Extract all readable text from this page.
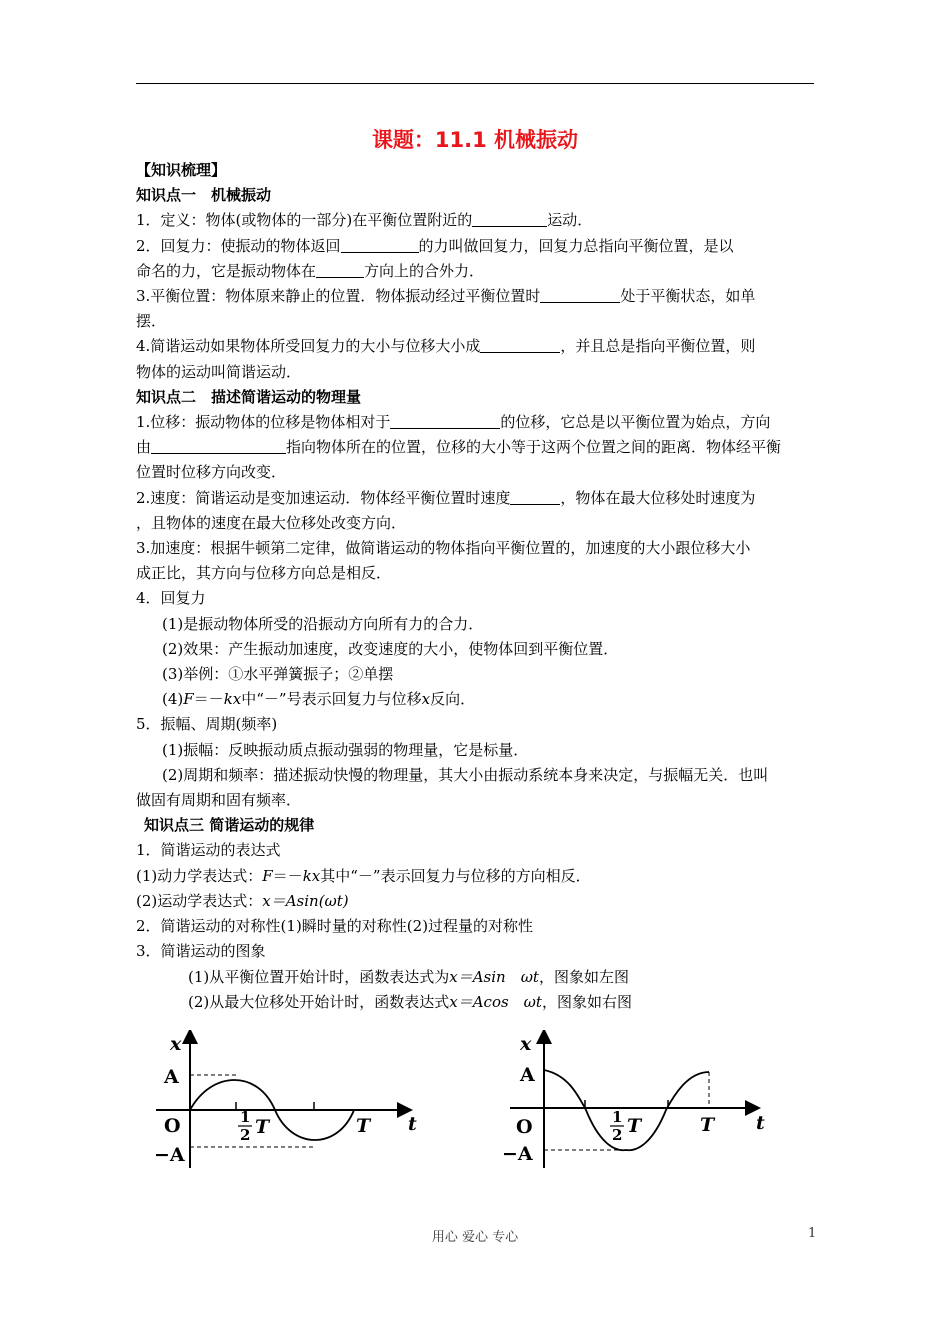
课题：11.1 机械振动
【知识梳理】
知识点一　机械振动
1．定义：物体(或物体的一部分)在平衡位置附近的	运动．
2．回复力：使振动的物体返回	的力叫做回复力，回复力总指向平衡位置，是以
命名的力，它是振动物体在	方向上的合外力．
3.平衡位置：物体原来静止的位置．物体振动经过平衡位置时	处于平衡状态，如单
摆．
4.简谐运动如果物体所受回复力的大小与位移大小成	，并且总是指向平衡位置，则
物体的运动叫简谐运动．
知识点二　描述简谐运动的物理量
1.位移：振动物体的位移是物体相对于	的位移，它总是以平衡位置为始点，方向
由	指向物体所在的位置，位移的大小等于这两个位置之间的距离．物体经平衡
位置时位移方向改变．
2.速度：简谐运动是变加速运动．物体经平衡位置时速度	，物体在最大位移处时速度为
，且物体的速度在最大位移处改变方向．
3.加速度：根据牛顿第二定律，做简谐运动的物体指向平衡位置的，加速度的大小跟位移大小
成正比，其方向与位移方向总是相反．
4．回复力
(1)是振动物体所受的沿振动方向所有力的合力．
(2)效果：产生振动加速度，改变速度的大小，使物体回到平衡位置．
(3)举例：①水平弹簧振子；②单摆
(4)F＝－kx中“－”号表示回复力与位移x反向．
5．振幅、周期(频率)
(1)振幅：反映振动质点振动强弱的物理量，它是标量．
(2)周期和频率：描述振动快慢的物理量，其大小由振动系统本身来决定，与振幅无关．也叫
做固有周期和固有频率．
知识点三 简谐运动的规律
1．简谐运动的表达式
(1)动力学表达式：F＝－kx其中“－”表示回复力与位移的方向相反．
(2)运动学表达式：x＝Asin(ωt)
2．简谐运动的对称性(1)瞬时量的对称性(2)过程量的对称性
3．简谐运动的图象
(1)从平衡位置开始计时，函数表达式为x＝Asin　ωt，图象如左图
(2)从最大位移处开始计时，函数表达式x＝Acos　ωt，图象如右图
x
t
O
A
−A
1
2 T	T
x
t
O
A
−A
1
2 T	T
用心 爱心 专心	1
